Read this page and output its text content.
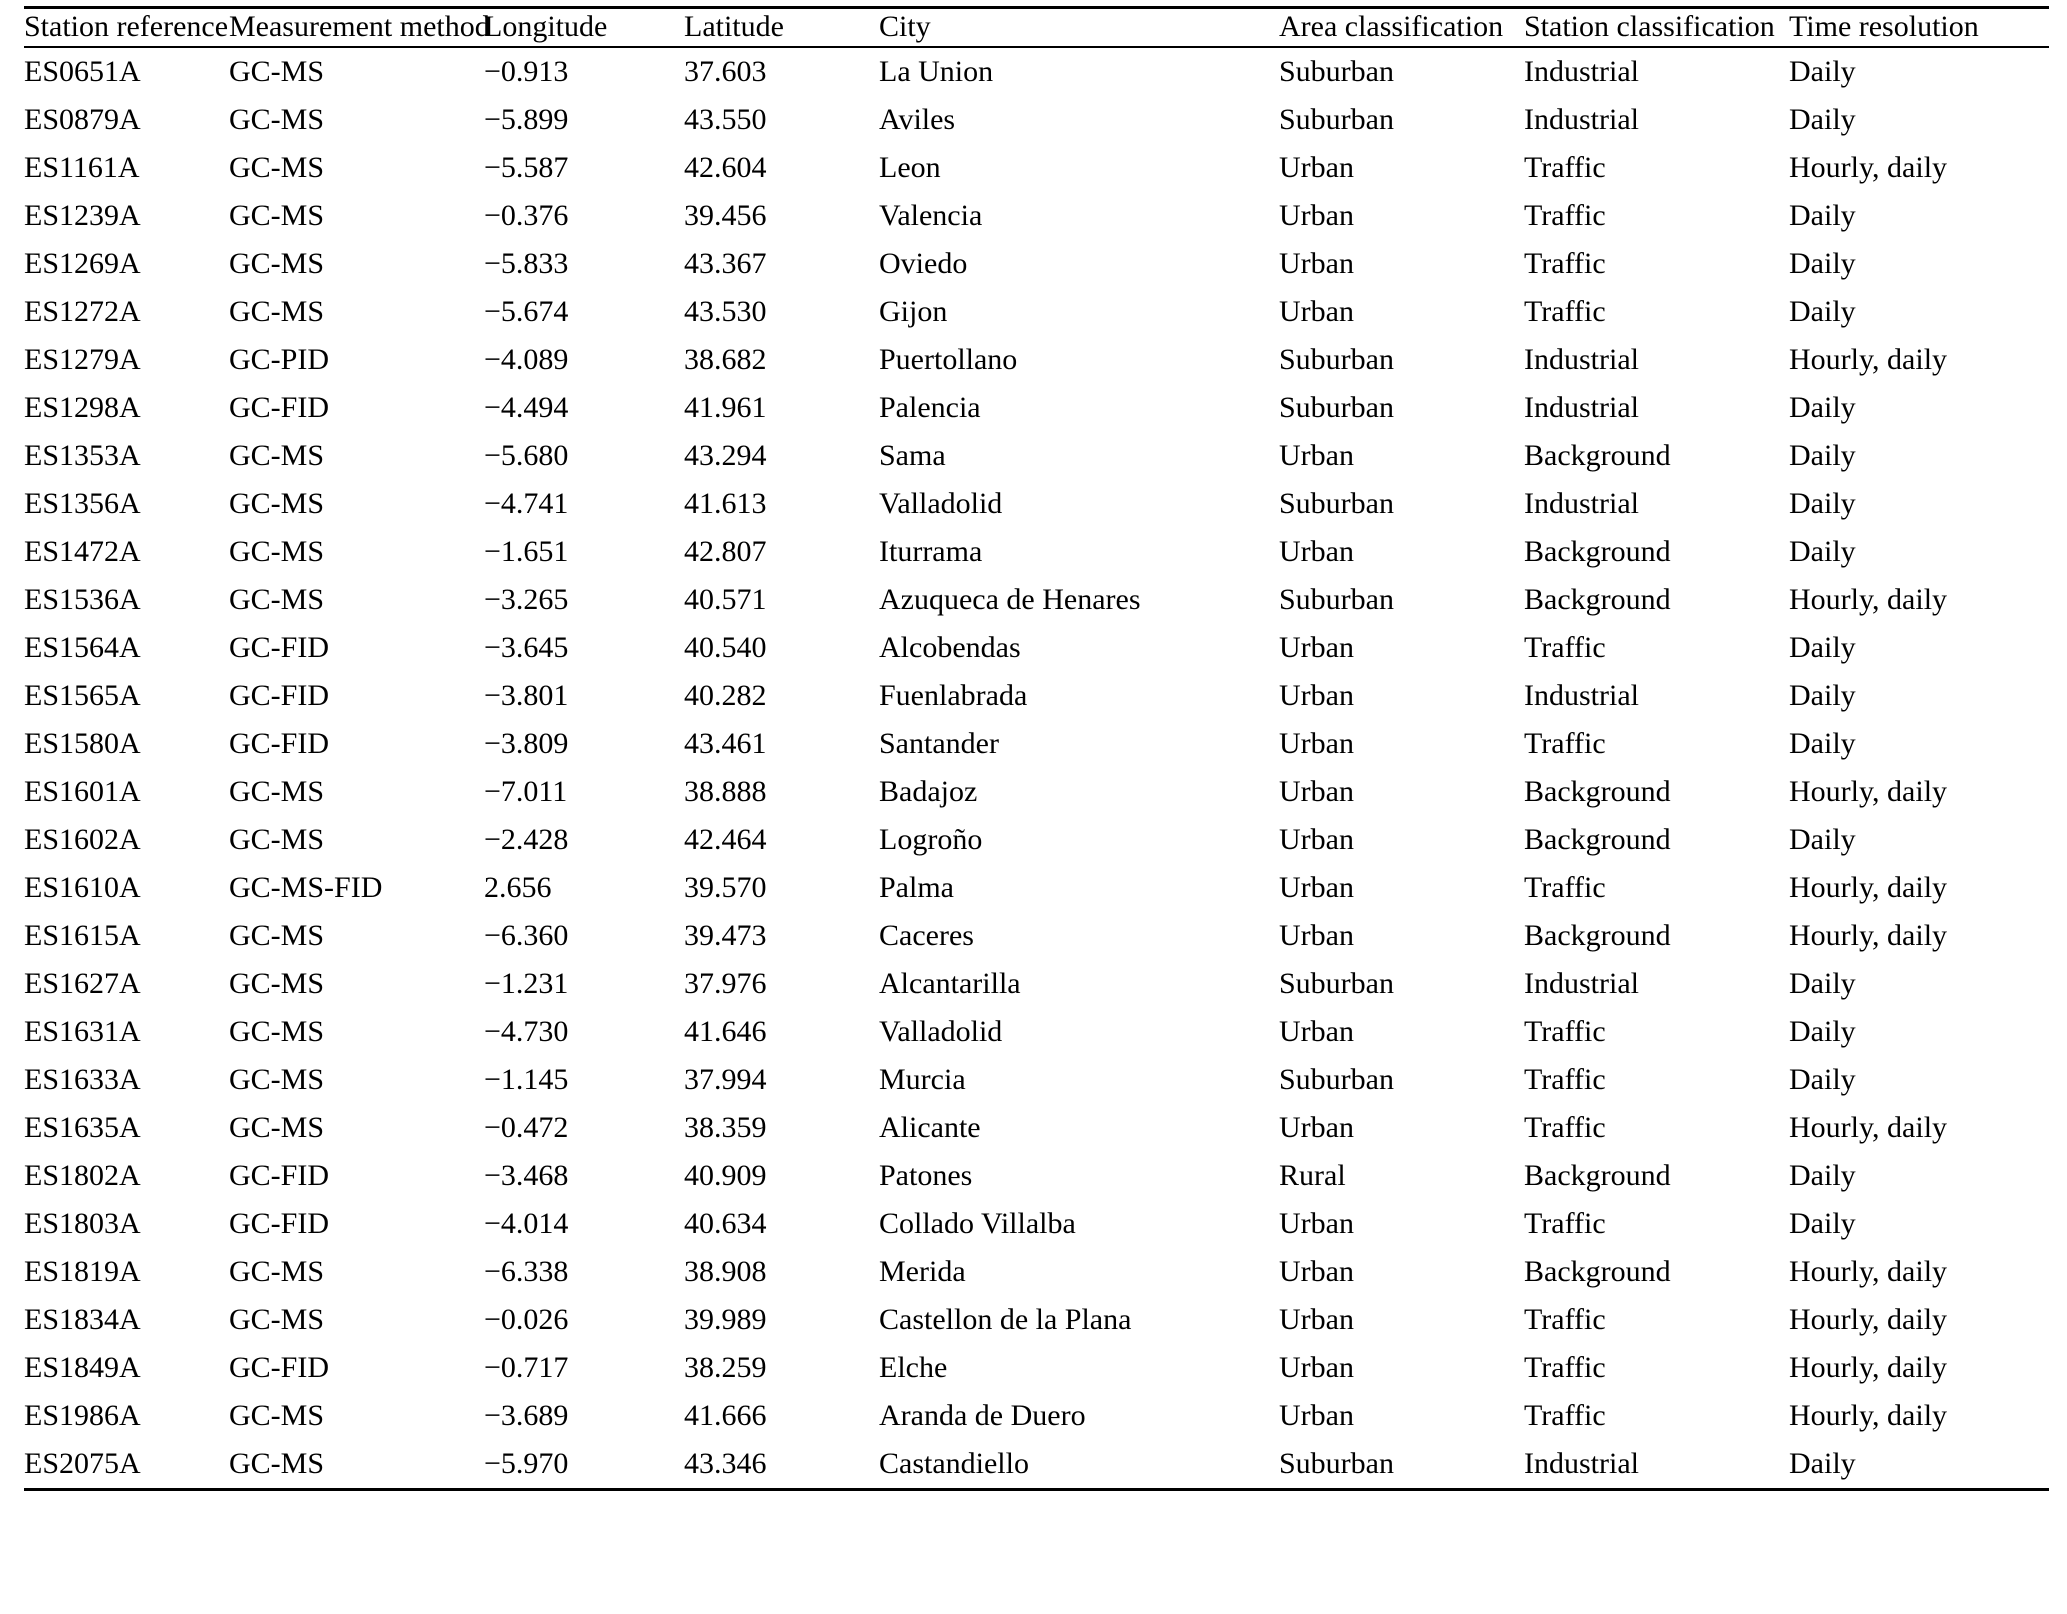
Station reference	Measurement method	Longitude	Latitude	City	Area classification	Station classification	Time resolution
ES0651A	GC-MS	−0.913	37.603	La Union	Suburban	Industrial	Daily
ES0879A	GC-MS	−5.899	43.550	Aviles	Suburban	Industrial	Daily
ES1161A	GC-MS	−5.587	42.604	Leon	Urban	Traffic	Hourly, daily
ES1239A	GC-MS	−0.376	39.456	Valencia	Urban	Traffic	Daily
ES1269A	GC-MS	−5.833	43.367	Oviedo	Urban	Traffic	Daily
ES1272A	GC-MS	−5.674	43.530	Gijon	Urban	Traffic	Daily
ES1279A	GC-PID	−4.089	38.682	Puertollano	Suburban	Industrial	Hourly, daily
ES1298A	GC-FID	−4.494	41.961	Palencia	Suburban	Industrial	Daily
ES1353A	GC-MS	−5.680	43.294	Sama	Urban	Background	Daily
ES1356A	GC-MS	−4.741	41.613	Valladolid	Suburban	Industrial	Daily
ES1472A	GC-MS	−1.651	42.807	Iturrama	Urban	Background	Daily
ES1536A	GC-MS	−3.265	40.571	Azuqueca de Henares	Suburban	Background	Hourly, daily
ES1564A	GC-FID	−3.645	40.540	Alcobendas	Urban	Traffic	Daily
ES1565A	GC-FID	−3.801	40.282	Fuenlabrada	Urban	Industrial	Daily
ES1580A	GC-FID	−3.809	43.461	Santander	Urban	Traffic	Daily
ES1601A	GC-MS	−7.011	38.888	Badajoz	Urban	Background	Hourly, daily
ES1602A	GC-MS	−2.428	42.464	Logroño	Urban	Background	Daily
ES1610A	GC-MS-FID	2.656	39.570	Palma	Urban	Traffic	Hourly, daily
ES1615A	GC-MS	−6.360	39.473	Caceres	Urban	Background	Hourly, daily
ES1627A	GC-MS	−1.231	37.976	Alcantarilla	Suburban	Industrial	Daily
ES1631A	GC-MS	−4.730	41.646	Valladolid	Urban	Traffic	Daily
ES1633A	GC-MS	−1.145	37.994	Murcia	Suburban	Traffic	Daily
ES1635A	GC-MS	−0.472	38.359	Alicante	Urban	Traffic	Hourly, daily
ES1802A	GC-FID	−3.468	40.909	Patones	Rural	Background	Daily
ES1803A	GC-FID	−4.014	40.634	Collado Villalba	Urban	Traffic	Daily
ES1819A	GC-MS	−6.338	38.908	Merida	Urban	Background	Hourly, daily
ES1834A	GC-MS	−0.026	39.989	Castellon de la Plana	Urban	Traffic	Hourly, daily
ES1849A	GC-FID	−0.717	38.259	Elche	Urban	Traffic	Hourly, daily
ES1986A	GC-MS	−3.689	41.666	Aranda de Duero	Urban	Traffic	Hourly, daily
ES2075A	GC-MS	−5.970	43.346	Castandiello	Suburban	Industrial	Daily
